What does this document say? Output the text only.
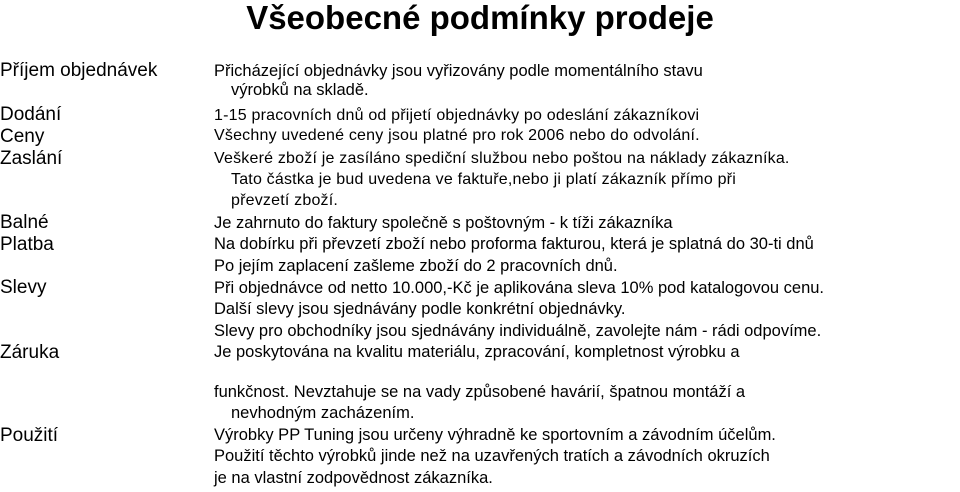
Všeobecné podmínky prodeje
Příjem objednávek
Dodání
Ceny
Zaslání
Balné
Platba
Slevy
Záruka
Použití
Přicházející objednávky jsou vyřizovány podle momentálního stavu
výrobků na skladě.
1-15 pracovních dnů od přijetí objednávky po odeslání zákazníkovi
Všechny uvedené ceny jsou platné pro rok 2006 nebo do odvolání.
Veškeré zboží je zasíláno spediční službou nebo poštou na náklady zákazníka.
Tato částka je bud uvedena ve faktuře,nebo ji platí zákazník přímo při
převzetí zboží.
Je zahrnuto do faktury společně s poštovným - k tíži zákazníka
Na dobírku při převzetí zboží nebo proforma fakturou, která je splatná do 30-ti dnů
Po jejím zaplacení zašleme zboží do 2 pracovních dnů.
Při objednávce od netto 10.000,-Kč je aplikována sleva 10% pod katalogovou cenu.
Další slevy jsou sjednávány podle konkrétní objednávky.
Slevy pro obchodníky jsou sjednávány individuálně, zavolejte nám - rádi odpovíme.
Je poskytována na kvalitu materiálu, zpracování, kompletnost výrobku a
funkčnost. Nevztahuje se na vady způsobené havárií, špatnou montáží a
nevhodným zacházením.
Výrobky PP Tuning jsou určeny výhradně ke sportovním a závodním účelům.
Použití těchto výrobků jinde než na uzavřených tratích a závodních okruzích
je na vlastní zodpovědnost zákazníka.
